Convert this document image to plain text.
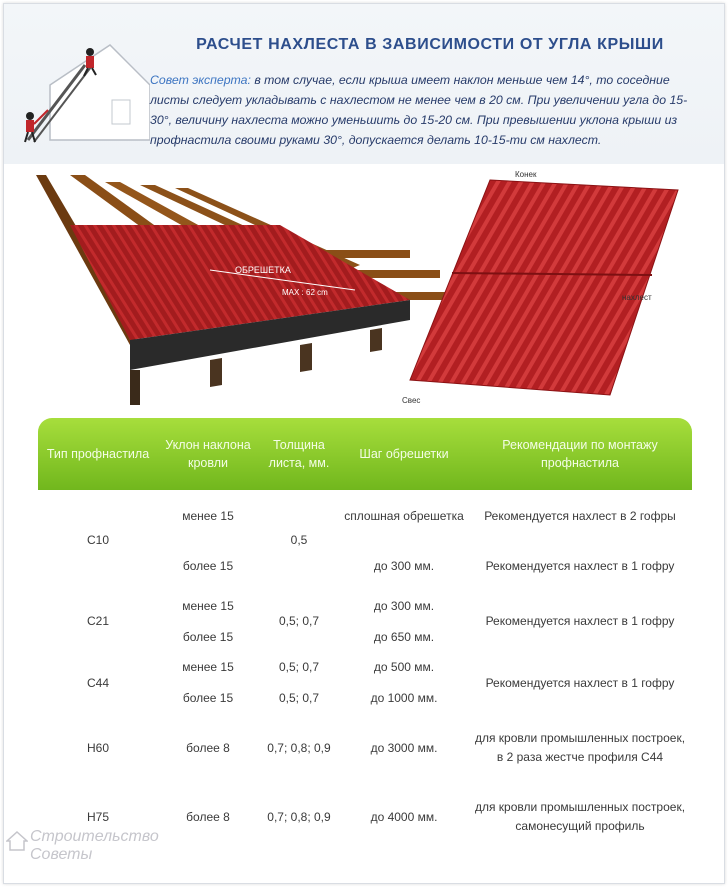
РАСЧЕТ НАХЛЕСТА В ЗАВИСИМОСТИ ОТ УГЛА КРЫШИ
Совет эксперта: в том случае, если крыша имеет наклон меньше чем 14°, то соседние листы следует укладывать с нахлестом не менее чем в 20 см. При увеличении угла до 15-30°, величину нахлеста можно уменьшить до 15-20 см. При превышении уклона крыши из профнастила своими руками 30°, допускается делать 10-15-ти см нахлест.
ОБРЕШЕТКА
MAX : 62 cm
Конек
нахлест
Свес
Тип профнастила	Уклон наклона кровли	Толщина листа, мм.	Шаг обрешетки	Рекомендации по монтажу профнастила
С10	менее 15	0,5	сплошная обрешетка	Рекомендуется нахлест в 2 гофры
	более 15		до 300 мм.	Рекомендуется нахлест в 1 гофру
С21	менее 15	0,5; 0,7	до 300 мм.	Рекомендуется нахлест в 1 гофру
	более 15		до 650 мм.	
С44	менее 15	0,5; 0,7	до 500 мм.	Рекомендуется нахлест в 1 гофру
	более 15	0,5; 0,7	до 1000 мм.	
Н60	более 8	0,7; 0,8; 0,9	до 3000 мм.	для кровли промышленных построек, в 2 раза жестче профиля С44
Н75	более 8	0,7; 0,8; 0,9	до 4000 мм.	для кровли промышленных построек, самонесущий профиль
Строительство
Советы
